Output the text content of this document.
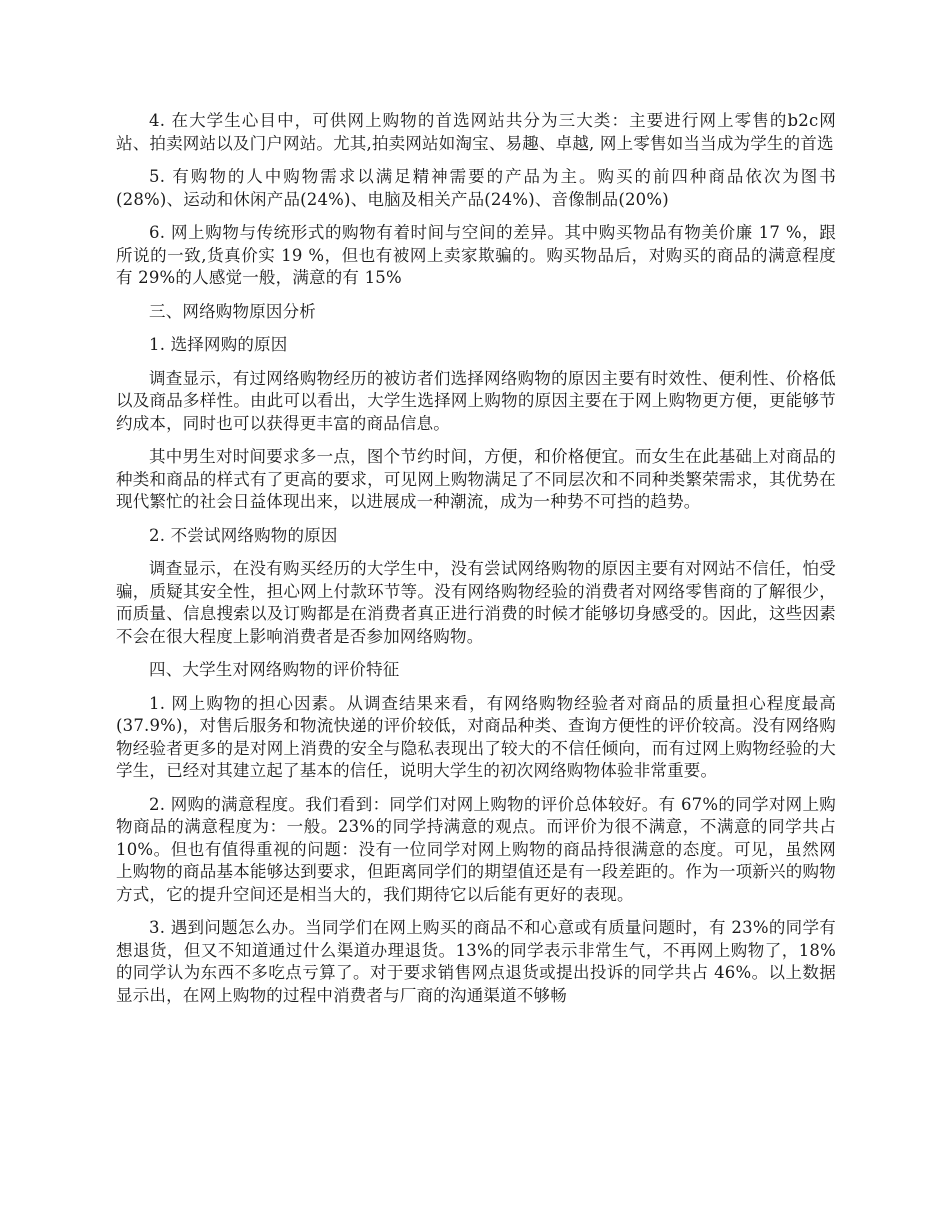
4. 在大学生心目中，可供网上购物的首选网站共分为三大类：主要进行网上零售的b2c网站、拍卖网站以及门户网站。尤其,拍卖网站如淘宝、易趣、卓越, 网上零售如当当成为学生的首选

5. 有购物的人中购物需求以满足精神需要的产品为主。购买的前四种商品依次为图书(28%)、运动和休闲产品(24%)、电脑及相关产品(24%)、音像制品(20%)

6. 网上购物与传统形式的购物有着时间与空间的差异。其中购买物品有物美价廉 17 %，跟所说的一致,货真价实 19 %，但也有被网上卖家欺骗的。购买物品后，对购买的商品的满意程度有 29%的人感觉一般，满意的有 15%

三、网络购物原因分析

1. 选择网购的原因

调查显示，有过网络购物经历的被访者们选择网络购物的原因主要有时效性、便利性、价格低以及商品多样性。由此可以看出，大学生选择网上购物的原因主要在于网上购物更方便，更能够节约成本，同时也可以获得更丰富的商品信息。

其中男生对时间要求多一点，图个节约时间，方便，和价格便宜。而女生在此基础上对商品的种类和商品的样式有了更高的要求，可见网上购物满足了不同层次和不同种类繁荣需求，其优势在现代繁忙的社会日益体现出来，以进展成一种潮流，成为一种势不可挡的趋势。

2. 不尝试网络购物的原因

调查显示，在没有购买经历的大学生中，没有尝试网络购物的原因主要有对网站不信任，怕受骗，质疑其安全性，担心网上付款环节等。没有网络购物经验的消费者对网络零售商的了解很少，而质量、信息搜索以及订购都是在消费者真正进行消费的时候才能够切身感受的。因此，这些因素不会在很大程度上影响消费者是否参加网络购物。

四、大学生对网络购物的评价特征

1. 网上购物的担心因素。从调查结果来看，有网络购物经验者对商品的质量担心程度最高(37.9%)，对售后服务和物流快递的评价较低，对商品种类、查询方便性的评价较高。没有网络购物经验者更多的是对网上消费的安全与隐私表现出了较大的不信任倾向，而有过网上购物经验的大学生，已经对其建立起了基本的信任，说明大学生的初次网络购物体验非常重要。

2. 网购的满意程度。我们看到：同学们对网上购物的评价总体较好。有 67%的同学对网上购物商品的满意程度为：一般。23%的同学持满意的观点。而评价为很不满意，不满意的同学共占 10%。但也有值得重视的问题：没有一位同学对网上购物的商品持很满意的态度。可见，虽然网上购物的商品基本能够达到要求，但距离同学们的期望值还是有一段差距的。作为一项新兴的购物方式，它的提升空间还是相当大的，我们期待它以后能有更好的表现。

3. 遇到问题怎么办。当同学们在网上购买的商品不和心意或有质量问题时，有 23%的同学有想退货，但又不知道通过什么渠道办理退货。13%的同学表示非常生气，不再网上购物了，18%的同学认为东西不多吃点亏算了。对于要求销售网点退货或提出投诉的同学共占 46%。以上数据显示出，在网上购物的过程中消费者与厂商的沟通渠道不够畅
